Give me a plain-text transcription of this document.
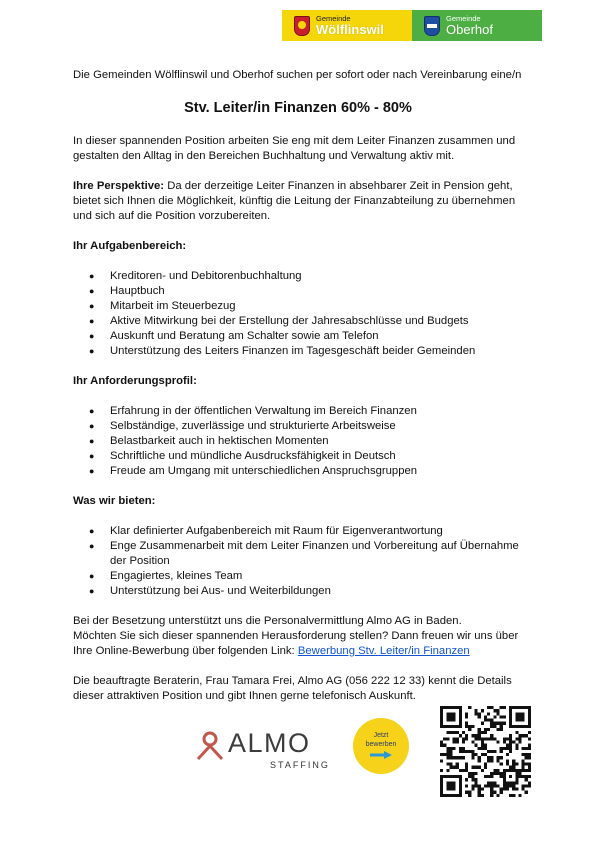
Gemeinde
Wölflinswil
Gemeinde
Oberhof

Die Gemeinden Wölflinswil und Oberhof suchen per sofort oder nach Vereinbarung eine/n

Stv. Leiter/in Finanzen 60% - 80%

In dieser spannenden Position arbeiten Sie eng mit dem Leiter Finanzen zusammen und gestalten den Alltag in den Bereichen Buchhaltung und Verwaltung aktiv mit.

Ihre Perspektive: Da der derzeitige Leiter Finanzen in absehbarer Zeit in Pension geht, bietet sich Ihnen die Möglichkeit, künftig die Leitung der Finanzabteilung zu übernehmen und sich auf die Position vorzubereiten.

Ihr Aufgabenbereich:

● Kreditoren- und Debitorenbuchhaltung
● Hauptbuch
● Mitarbeit im Steuerbezug
● Aktive Mitwirkung bei der Erstellung der Jahresabschlüsse und Budgets
● Auskunft und Beratung am Schalter sowie am Telefon
● Unterstützung des Leiters Finanzen im Tagesgeschäft beider Gemeinden

Ihr Anforderungsprofil:

● Erfahrung in der öffentlichen Verwaltung im Bereich Finanzen
● Selbständige, zuverlässige und strukturierte Arbeitsweise
● Belastbarkeit auch in hektischen Momenten
● Schriftliche und mündliche Ausdrucksfähigkeit in Deutsch
● Freude am Umgang mit unterschiedlichen Anspruchsgruppen

Was wir bieten:

● Klar definierter Aufgabenbereich mit Raum für Eigenverantwortung
● Enge Zusammenarbeit mit dem Leiter Finanzen und Vorbereitung auf Übernahme der Position
● Engagiertes, kleines Team
● Unterstützung bei Aus- und Weiterbildungen

Bei der Besetzung unterstützt uns die Personalvermittlung Almo AG in Baden.

Möchten Sie sich dieser spannenden Herausforderung stellen? Dann freuen wir uns über Ihre Online-Bewerbung über folgenden Link: Bewerbung Stv. Leiter/in Finanzen

Die beauftragte Beraterin, Frau Tamara Frei, Almo AG (056 222 12 33) kennt die Details dieser attraktiven Position und gibt Ihnen gerne telefonisch Auskunft.

ALMO
STAFFING
Jetzt
bewerben
